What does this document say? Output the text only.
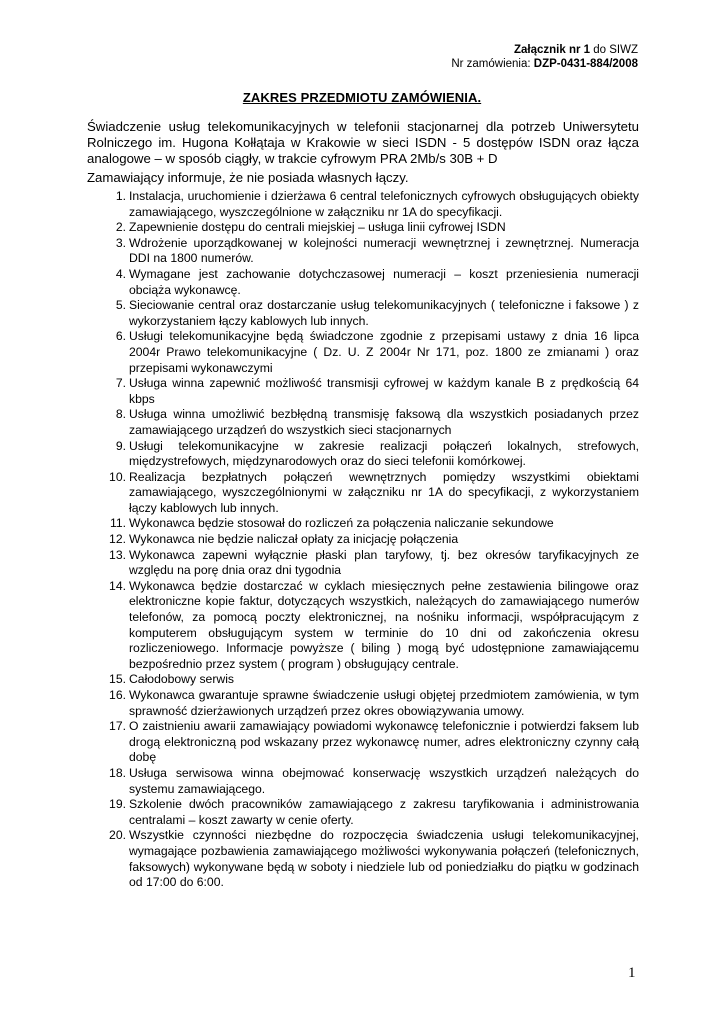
Załącznik nr 1 do SIWZ
Nr zamówienia: DZP-0431-884/2008
ZAKRES PRZEDMIOTU ZAMÓWIENIA.
Świadczenie usług telekomunikacyjnych w telefonii stacjonarnej dla potrzeb Uniwersytetu Rolniczego im. Hugona Kołłątaja w Krakowie w sieci ISDN - 5 dostępów ISDN oraz łącza analogowe – w sposób ciągły, w trakcie cyfrowym PRA 2Mb/s 30B + D
Zamawiający informuje, że nie posiada własnych łączy.
1. Instalacja, uruchomienie i dzierżawa 6 central telefonicznych cyfrowych obsługujących obiekty zamawiającego, wyszczególnione w załączniku nr 1A do specyfikacji.
2. Zapewnienie dostępu do centrali miejskiej – usługa linii cyfrowej ISDN
3. Wdrożenie uporządkowanej w kolejności numeracji wewnętrznej i zewnętrznej. Numeracja DDI na 1800 numerów.
4. Wymagane jest zachowanie dotychczasowej numeracji – koszt przeniesienia numeracji obciąża wykonawcę.
5. Sieciowanie central oraz dostarczanie usług telekomunikacyjnych ( telefoniczne i faksowe ) z wykorzystaniem łączy kablowych lub innych.
6. Usługi telekomunikacyjne będą świadczone zgodnie z przepisami ustawy z dnia 16 lipca 2004r Prawo telekomunikacyjne ( Dz. U. Z 2004r Nr 171, poz. 1800 ze zmianami ) oraz przepisami wykonawczymi
7. Usługa winna zapewnić możliwość transmisji cyfrowej w każdym kanale B z prędkością 64 kbps
8. Usługa winna umożliwić bezbłędną transmisję faksową dla wszystkich posiadanych przez zamawiającego urządzeń do wszystkich sieci stacjonarnych
9. Usługi telekomunikacyjne w zakresie realizacji połączeń lokalnych, strefowych, międzystrefowych, międzynarodowych oraz do sieci telefonii komórkowej.
10. Realizacja bezpłatnych połączeń wewnętrznych pomiędzy wszystkimi obiektami zamawiającego, wyszczególnionymi w załączniku nr 1A do specyfikacji, z wykorzystaniem łączy kablowych lub innych.
11. Wykonawca będzie stosował do rozliczeń za połączenia naliczanie sekundowe
12. Wykonawca nie będzie naliczał opłaty za inicjację połączenia
13. Wykonawca zapewni wyłącznie płaski plan taryfowy, tj. bez okresów taryfikacyjnych ze względu na porę dnia oraz dni tygodnia
14. Wykonawca będzie dostarczać w cyklach miesięcznych pełne zestawienia bilingowe oraz elektroniczne kopie faktur, dotyczących wszystkich, należących do zamawiającego numerów telefonów, za pomocą poczty elektronicznej, na nośniku informacji, współpracującym z komputerem obsługującym system w terminie do 10 dni od zakończenia okresu rozliczeniowego. Informacje powyższe ( biling ) mogą być udostępnione zamawiającemu bezpośrednio przez system ( program ) obsługujący centrale.
15. Całodobowy serwis
16. Wykonawca gwarantuje sprawne świadczenie usługi objętej przedmiotem zamówienia, w tym sprawność dzierżawionych urządzeń przez okres obowiązywania umowy.
17. O zaistnieniu awarii zamawiający powiadomi wykonawcę telefonicznie i potwierdzi faksem lub drogą elektroniczną pod wskazany przez wykonawcę numer, adres elektroniczny czynny całą dobę
18. Usługa serwisowa winna obejmować konserwację wszystkich urządzeń należących do systemu zamawiającego.
19. Szkolenie dwóch pracowników zamawiającego z zakresu taryfikowania i administrowania centralami – koszt zawarty w cenie oferty.
20. Wszystkie czynności niezbędne do rozpoczęcia świadczenia usługi telekomunikacyjnej, wymagające pozbawienia zamawiającego możliwości wykonywania połączeń (telefonicznych, faksowych) wykonywane będą w soboty i niedziele lub od poniedziałku do piątku w godzinach od 17:00 do 6:00.
1
